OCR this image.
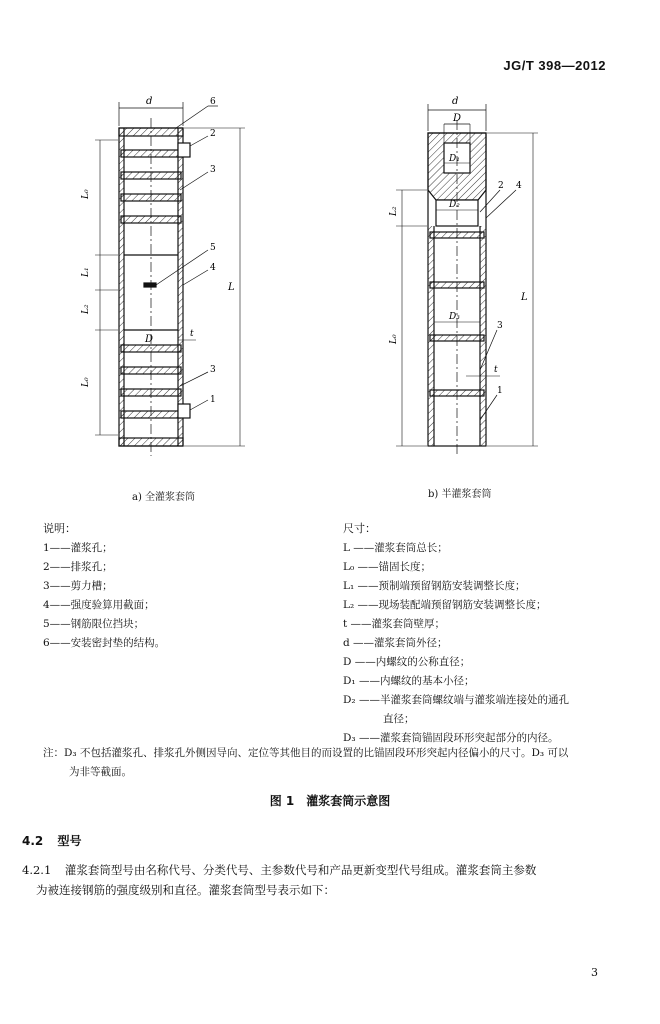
JG/T 398—2012
d	6
2
3
5
4
3
1
L₀
L₁
L₂
L₀
L
D	t
d
D
D₁
D₂
D₃
2 4
3
1
L₂
L₀
L
t
a) 全灌浆套筒	b) 半灌浆套筒
说明：
1——灌浆孔；
2——排浆孔；
3——剪力槽；
4——强度验算用截面；
5——钢筋限位挡块；
6——安装密封垫的结构。
尺寸：
L ——灌浆套筒总长；
L₀ ——锚固长度；
L₁ ——预制端预留钢筋安装调整长度；
L₂ ——现场装配端预留钢筋安装调整长度；
t ——灌浆套筒壁厚；
d ——灌浆套筒外径；
D ——内螺纹的公称直径；
D₁ ——内螺纹的基本小径；
D₂ ——半灌浆套筒螺纹端与灌浆端连接处的通孔
直径；
D₃ ——灌浆套筒锚固段环形突起部分的内径。
注：D₃ 不包括灌浆孔、排浆孔外侧因导向、定位等其他目的而设置的比锚固段环形突起内径偏小的尺寸。D₃ 可以
为非等截面。
图 1　灌浆套筒示意图
4.2 型号
4.2.1 灌浆套筒型号由名称代号、分类代号、主参数代号和产品更新变型代号组成。灌浆套筒主参数
为被连接钢筋的强度级别和直径。灌浆套筒型号表示如下：
3
